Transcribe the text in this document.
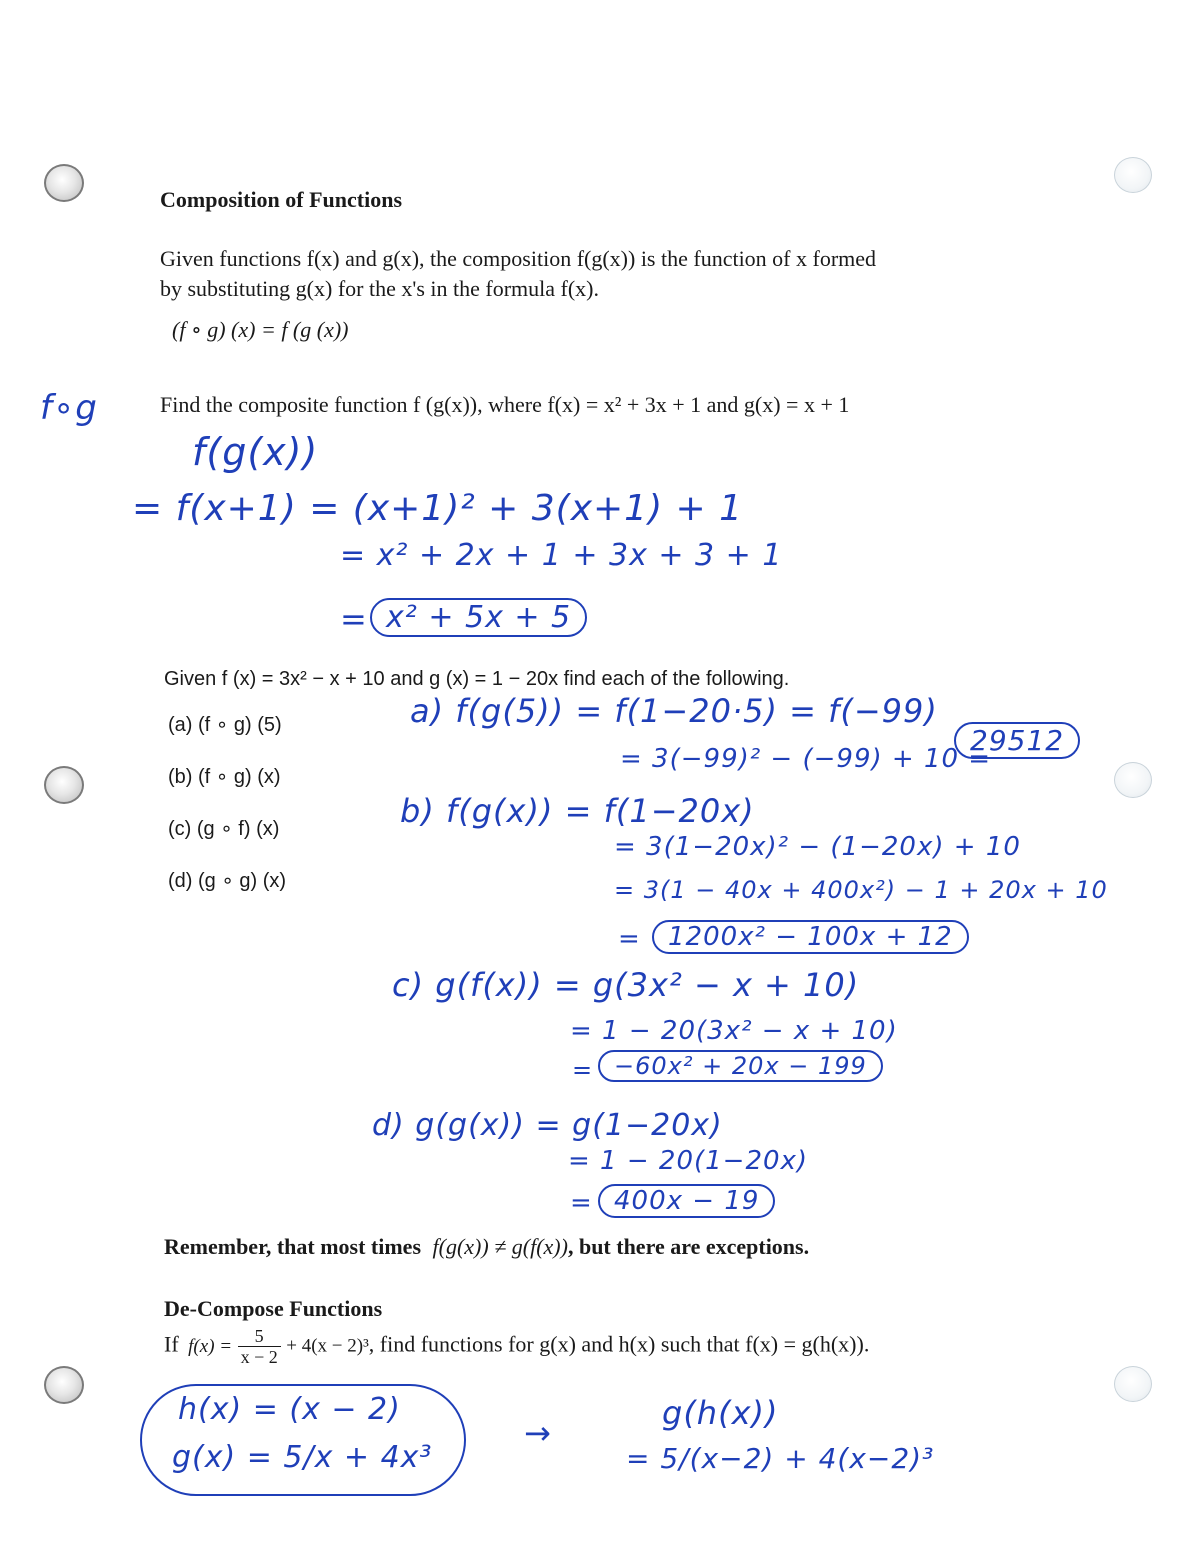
Composition of Functions
Given functions f(x) and g(x), the composition f(g(x)) is the function of x formed
by substituting g(x) for the x's in the formula f(x).
(f ∘ g) (x) = f (g (x))
f∘g	Find the composite function f (g(x)), where f(x) = x² + 3x + 1 and g(x) = x + 1
f(g(x))
= f(x+1) = (x+1)² + 3(x+1) + 1
= x² + 2x + 1 + 3x + 3 + 1
= x² + 5x + 5
Given f (x) = 3x² − x + 10 and g (x) = 1 − 20x find each of the following.
(a) (f ∘ g) (5)
(b) (f ∘ g) (x)
(c) (g ∘ f) (x)
(d) (g ∘ g) (x)
a) f(g(5)) = f(1−20·5) = f(−99)
= 3(−99)² − (−99) + 10 =
29512
b) f(g(x)) = f(1−20x)
= 3(1−20x)² − (1−20x) + 10
= 3(1 − 40x + 400x²) − 1 + 20x + 10
=	1200x² − 100x + 12
c) g(f(x)) = g(3x² − x + 10)
= 1 − 20(3x² − x + 10)
= −60x² + 20x − 199
d) g(g(x)) = g(1−20x)
= 1 − 20(1−20x)
= 400x − 19
Remember, that most times f(g(x)) ≠ g(f(x)), but there are exceptions.
De-Compose Functions
If $f(x) = \frac{5}{x - 2} + 4(x - 2)^3$, find functions for g(x) and h(x) such that f(x) = g(h(x)).
h(x) = (x − 2)
g(x) = 5/x + 4x³
→
g(h(x))
= 5/(x−2) + 4(x−2)³
